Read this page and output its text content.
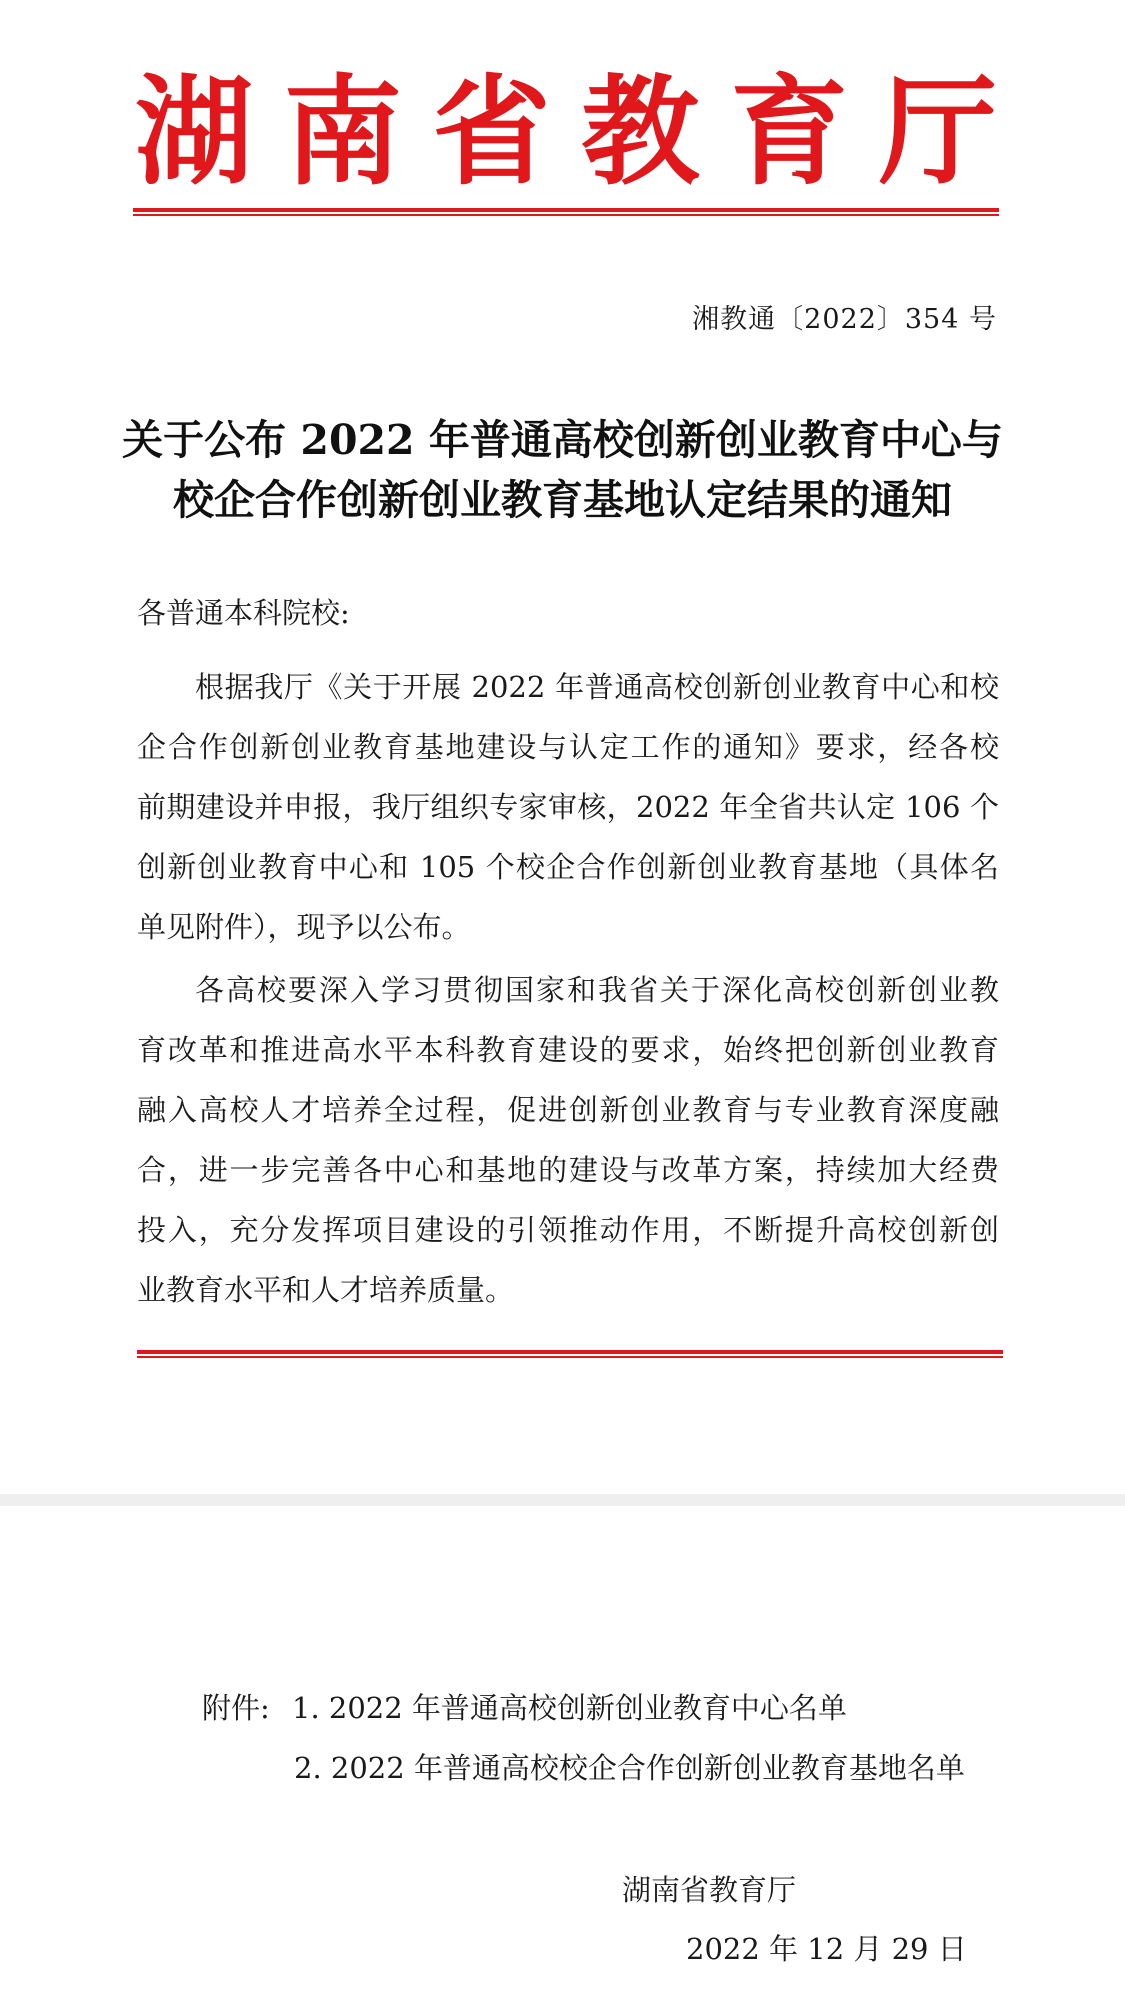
湖 南 省 教 育 厅
湘教通〔2022〕354 号
关于公布 2022 年普通高校创新创业教育中心与
校企合作创新创业教育基地认定结果的通知
各普通本科院校:
根据我厅《关于开展 2022 年普通高校创新创业教育中心和校
企合作创新创业教育基地建设与认定工作的通知》要求，经各校
前期建设并申报，我厅组织专家审核，2022 年全省共认定 106 个
创新创业教育中心和 105 个校企合作创新创业教育基地（具体名
单见附件），现予以公布。
各高校要深入学习贯彻国家和我省关于深化高校创新创业教
育改革和推进高水平本科教育建设的要求，始终把创新创业教育
融入高校人才培养全过程，促进创新创业教育与专业教育深度融
合，进一步完善各中心和基地的建设与改革方案，持续加大经费
投入，充分发挥项目建设的引领推动作用，不断提升高校创新创
业教育水平和人才培养质量。
附件: 1. 2022 年普通高校创新创业教育中心名单
2. 2022 年普通高校校企合作创新创业教育基地名单
湖南省教育厅
2022 年 12 月 29 日
